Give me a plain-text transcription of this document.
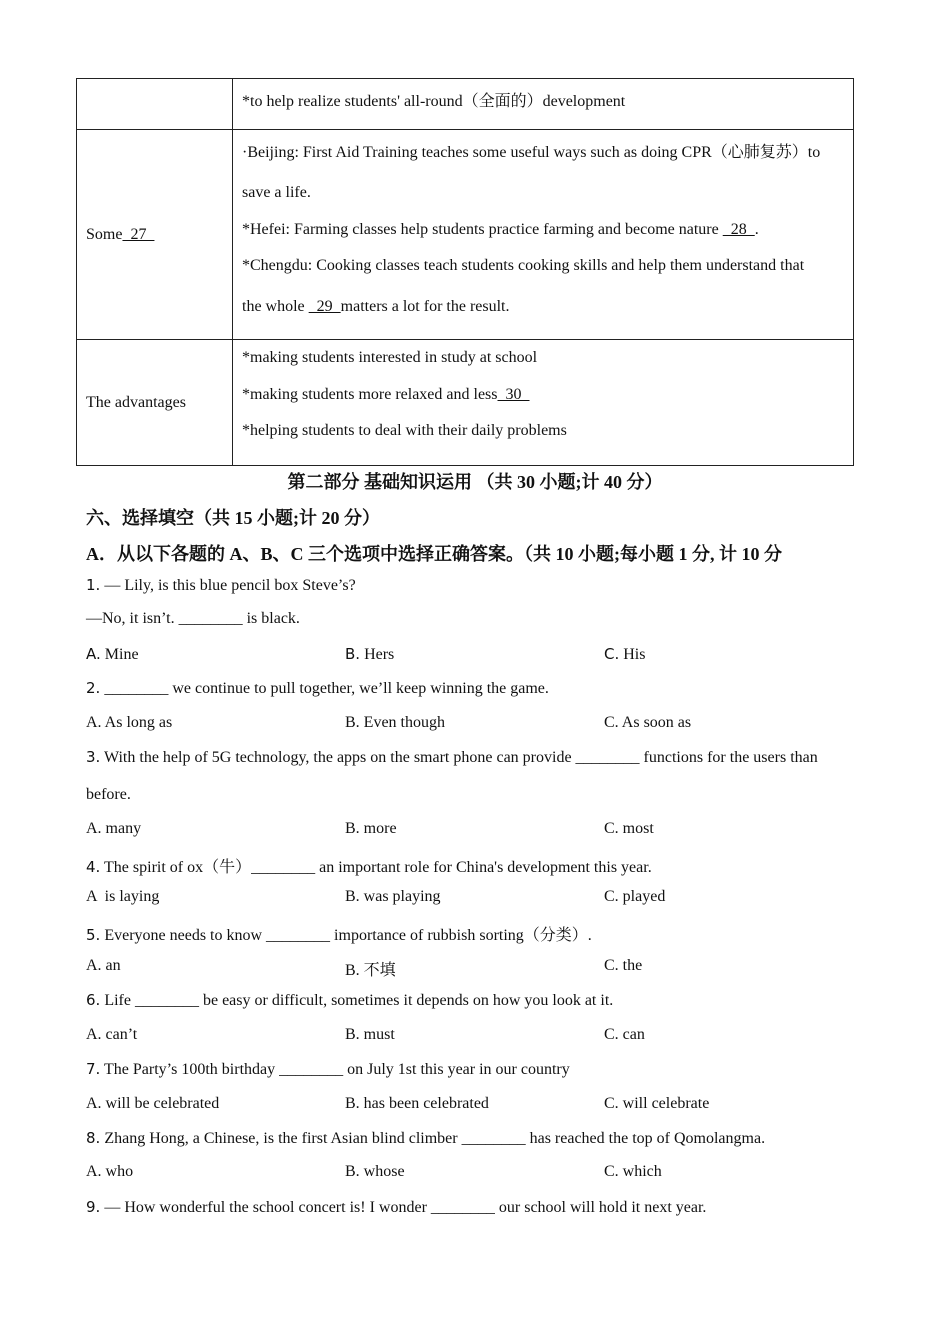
	*to help realize students' all-round（全面的）development

Some  27	·Beijing: First Aid Training teaches some useful ways such as doing CPR（心肺复苏）to
save a life.
*Hefei: Farming classes help students practice farming and become nature   28  .
*Chengdu: Cooking classes teach students cooking skills and help them understand that
the whole   29  matters a lot for the result.

The advantages	*making students interested in study at school
*making students more relaxed and less  30
*helping students to deal with their daily problems
第二部分 基础知识运用 （共 30 小题;计 40 分）
六、选择填空（共 15 小题;计 20 分）
A．从以下各题的 A、B、C 三个选项中选择正确答案。（共 10 小题;每小题 1 分, 计 10 分
1. — Lily, is this blue pencil box Steve’s?
—No, it isn’t. ________ is black.
A. Mine	B. Hers	C. His
2. ________ we continue to pull together, we’ll keep winning the game.
A. As long as	B. Even though	C. As soon as
3. With the help of 5G technology, the apps on the smart phone can provide ________ functions for the users than
before.
A. many	B. more	C. most
4. The spirit of ox（牛）________ an important role for China's development this year.
A  is laying	B. was playing	C. played
5. Everyone needs to know ________ importance of rubbish sorting（分类）.
A. an	B. 不填	C. the
6. Life ________ be easy or difficult, sometimes it depends on how you look at it.
A. can’t	B. must	C. can
7. The Party’s 100th birthday ________ on July 1st this year in our country
A. will be celebrated	B. has been celebrated	C. will celebrate
8. Zhang Hong, a Chinese, is the first Asian blind climber ________ has reached the top of Qomolangma.
A. who	B. whose	C. which
9. — How wonderful the school concert is! I wonder ________ our school will hold it next year.
